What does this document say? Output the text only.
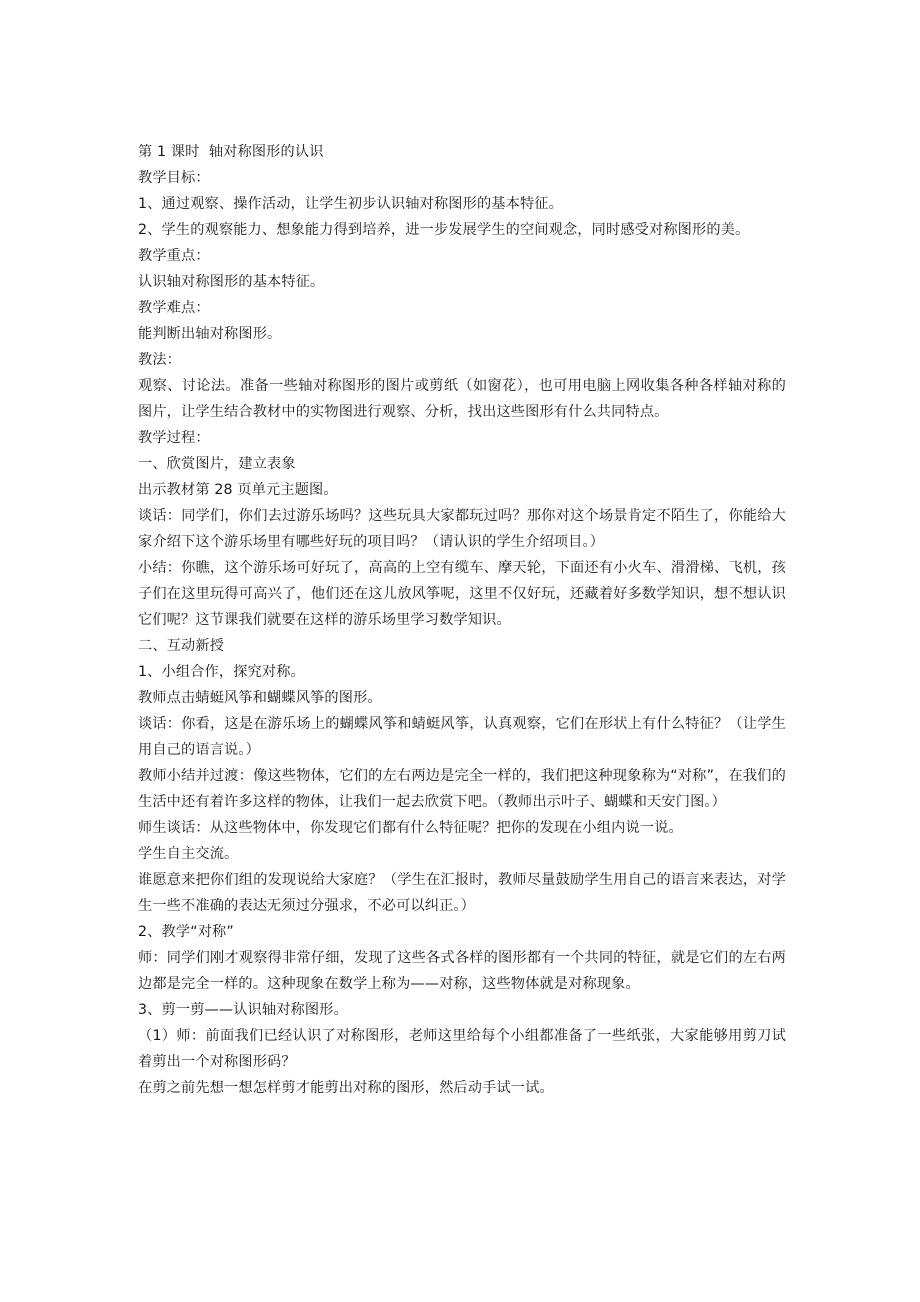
第 1 课时  轴对称图形的认识

教学目标：

1、通过观察、操作活动，让学生初步认识轴对称图形的基本特征。

2、学生的观察能力、想象能力得到培养，进一步发展学生的空间观念，同时感受对称图形的美。

教学重点：

认识轴对称图形的基本特征。

教学难点：

能判断出轴对称图形。

教法：

观察、讨论法。准备一些轴对称图形的图片或剪纸（如窗花），也可用电脑上网收集各种各样轴对称的图片，让学生结合教材中的实物图进行观察、分析，找出这些图形有什么共同特点。

教学过程：

一、欣赏图片，建立表象

出示教材第 28 页单元主题图。

谈话：同学们，你们去过游乐场吗？这些玩具大家都玩过吗？那你对这个场景肯定不陌生了，你能给大家介绍下这个游乐场里有哪些好玩的项目吗？（请认识的学生介绍项目。）

小结：你瞧，这个游乐场可好玩了，高高的上空有缆车、摩天轮，下面还有小火车、滑滑梯、飞机，孩子们在这里玩得可高兴了，他们还在这儿放风筝呢，这里不仅好玩，还藏着好多数学知识，想不想认识它们呢？这节课我们就要在这样的游乐场里学习数学知识。

二、互动新授

1、小组合作，探究对称。

教师点击蜻蜓风筝和蝴蝶风筝的图形。

谈话：你看，这是在游乐场上的蝴蝶风筝和蜻蜓风筝，认真观察，它们在形状上有什么特征？（让学生用自己的语言说。）

教师小结并过渡：像这些物体，它们的左右两边是完全一样的，我们把这种现象称为“对称”，在我们的生活中还有着许多这样的物体，让我们一起去欣赏下吧。（教师出示叶子、蝴蝶和天安门图。）

师生谈话：从这些物体中，你发现它们都有什么特征呢？把你的发现在小组内说一说。

学生自主交流。

谁愿意来把你们组的发现说给大家庭？（学生在汇报时，教师尽量鼓励学生用自己的语言来表达，对学生一些不准确的表达无须过分强求，不必可以纠正。）

2、教学“对称”

师：同学们刚才观察得非常仔细，发现了这些各式各样的图形都有一个共同的特征，就是它们的左右两边都是完全一样的。这种现象在数学上称为——对称，这些物体就是对称现象。

3、剪一剪——认识轴对称图形。

（1）师：前面我们已经认识了对称图形，老师这里给每个小组都准备了一些纸张，大家能够用剪刀试着剪出一个对称图形码？

在剪之前先想一想怎样剪才能剪出对称的图形，然后动手试一试。
